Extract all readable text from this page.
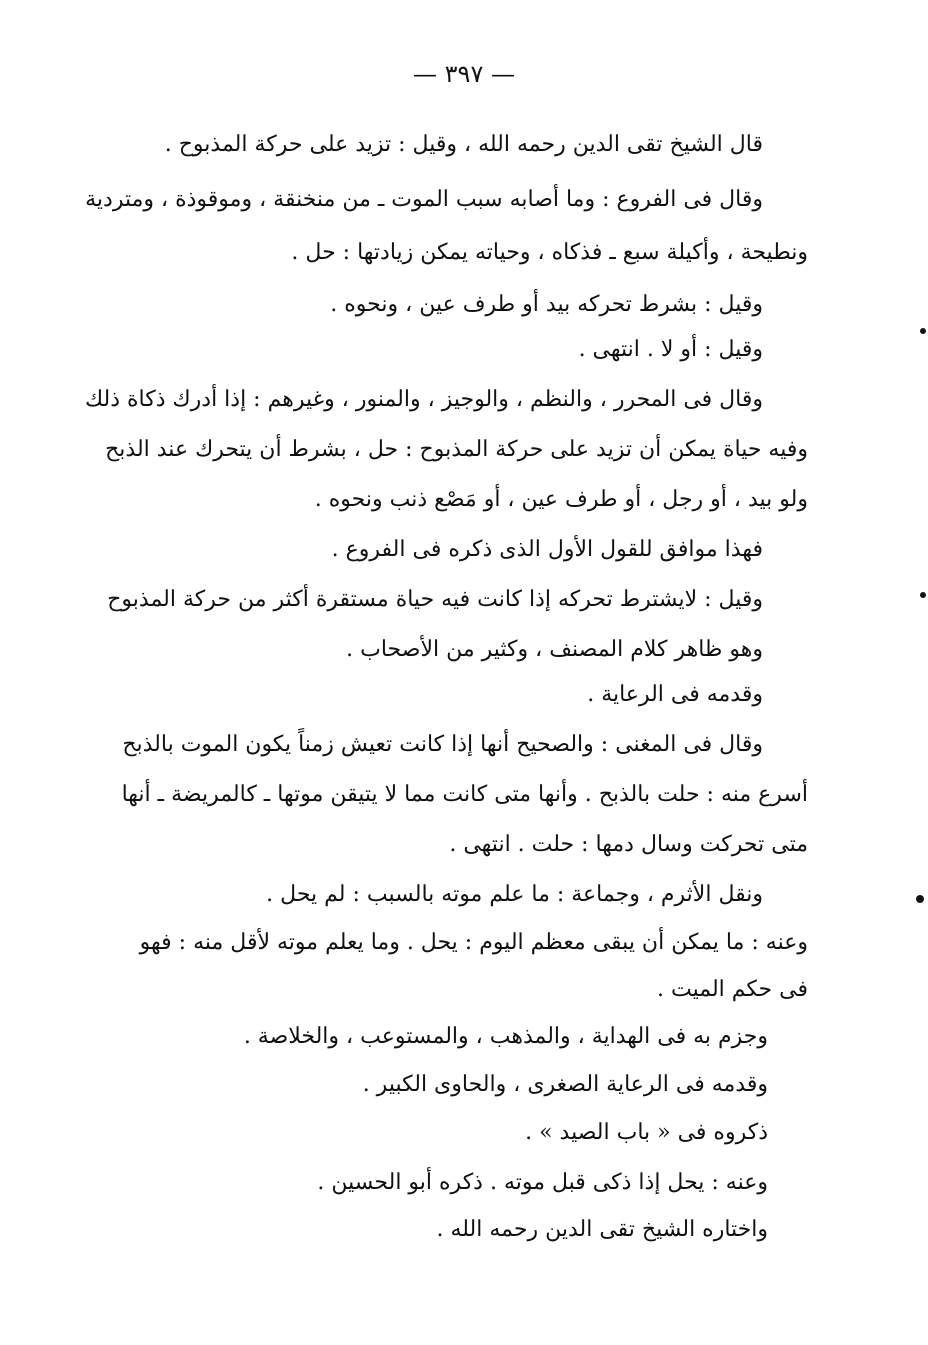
— ٣٩٧ —
قال الشيخ تقى الدين رحمه الله ، وقيل : تزيد على حركة المذبوح .
وقال فى الفروع : وما أصابه سبب الموت ـ من منخنقة ، وموقوذة ، ومتردية
ونطيحة ، وأكيلة سبع ـ فذكاه ، وحياته يمكن زيادتها : حل .
وقيل : بشرط تحركه بيد أو طرف عين ، ونحوه .
وقيل : أو لا . انتهى .
وقال فى المحرر ، والنظم ، والوجيز ، والمنور ، وغيرهم : إذا أدرك ذكاة ذلك
وفيه حياة يمكن أن تزيد على حركة المذبوح : حل ، بشرط أن يتحرك عند الذبح
ولو بيد ، أو رجل ، أو طرف عين ، أو مَصْع ذنب ونحوه .
فهذا موافق للقول الأول الذى ذكره فى الفروع .
وقيل : لايشترط تحركه إذا كانت فيه حياة مستقرة أكثر من حركة المذبوح
وهو ظاهر كلام المصنف ، وكثير من الأصحاب .
وقدمه فى الرعاية .
وقال فى المغنى : والصحيح أنها إذا كانت تعيش زمناً يكون الموت بالذبح
أسرع منه : حلت بالذبح . وأنها متى كانت مما لا يتيقن موتها ـ كالمريضة ـ أنها
متى تحركت وسال دمها : حلت . انتهى .
ونقل الأثرم ، وجماعة : ما علم موته بالسبب : لم يحل .
وعنه : ما يمكن أن يبقى معظم اليوم : يحل . وما يعلم موته لأقل منه : فهو
فى حكم الميت .
وجزم به فى الهداية ، والمذهب ، والمستوعب ، والخلاصة .
وقدمه فى الرعاية الصغرى ، والحاوى الكبير .
ذكروه فى « باب الصيد » .
وعنه : يحل إذا ذكى قبل موته . ذكره أبو الحسين .
واختاره الشيخ تقى الدين رحمه الله .
